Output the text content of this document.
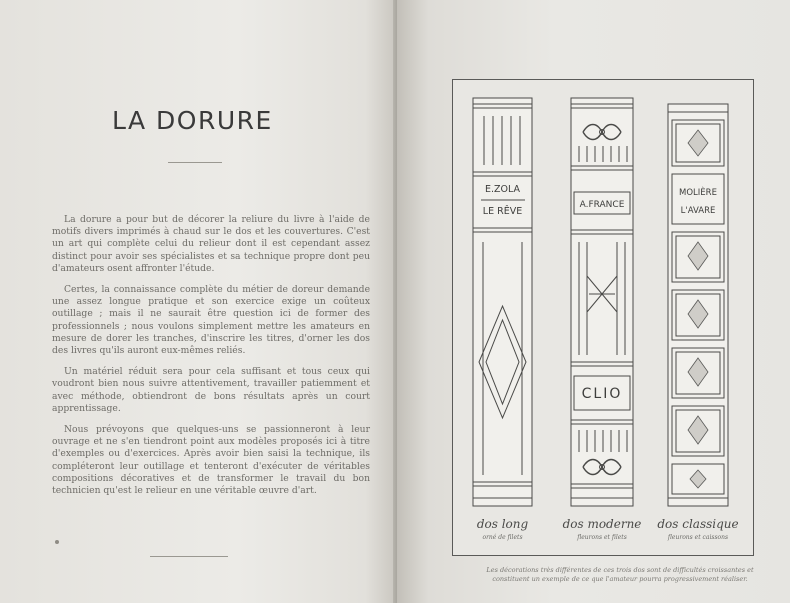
LA DORURE

La dorure a pour but de décorer la reliure du livre à l'aide de motifs divers imprimés à chaud sur le dos et les couvertures. C'est un art qui complète celui du relieur dont il est cependant assez distinct pour avoir ses spécialistes et sa technique propre dont peu d'amateurs osent affronter l'étude.

Certes, la connaissance complète du métier de doreur demande une assez longue pratique et son exercice exige un coûteux outillage ; mais il ne saurait être question ici de former des professionnels ; nous voulons simplement mettre les amateurs en mesure de dorer les tranches, d'inscrire les titres, d'orner les dos des livres qu'ils auront eux-mêmes reliés.

Un matériel réduit sera pour cela suffisant et tous ceux qui voudront bien nous suivre attentivement, travailler patiemment et avec méthode, obtiendront de bons résultats après un court apprentissage.

Nous prévoyons que quelques-uns se passionneront à leur ouvrage et ne s'en tiendront point aux modèles proposés ici à titre d'exemples ou d'exercices. Après avoir bien saisi la technique, ils compléteront leur outillage et tenteront d'exécuter de véritables compositions décoratives et de transformer le travail du bon technicien qu'est le relieur en une véritable œuvre d'art.

E.ZOLA
LE RÊVE
A.FRANCE
CLIO
MOLIÈRE
L'AVARE
dos long
orné de filets
dos moderne
fleurons et filets
dos classique
fleurons et caissons
Les décorations très différentes de ces trois dos sont de difficultés croissantes et constituent un exemple de ce que l'amateur pourra progressivement réaliser.
